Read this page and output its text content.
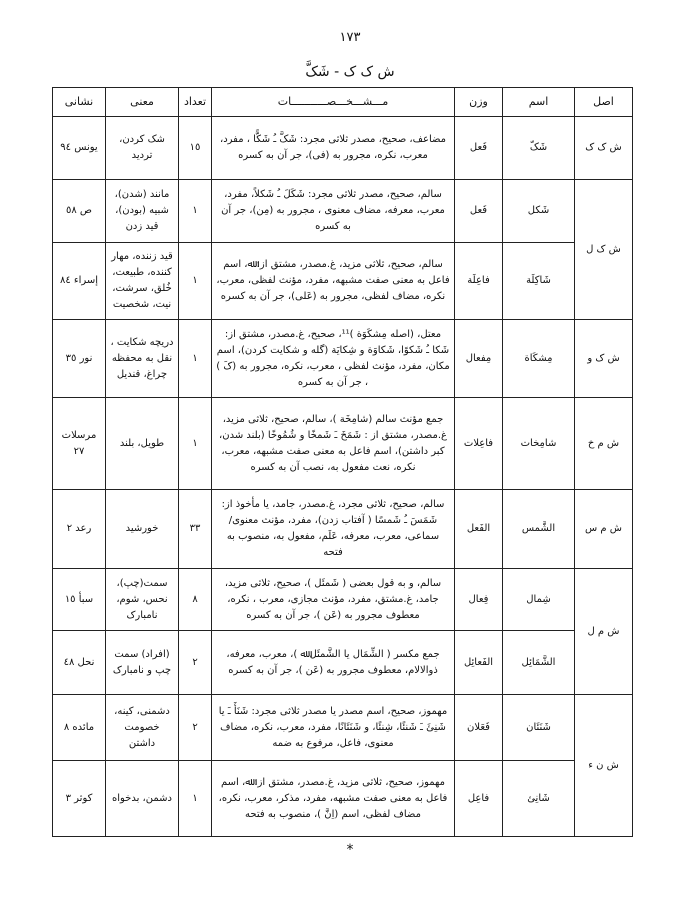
١٧٣
ش ک ک - شَکَّ
اصل	اسم	وزن	مـــشـــخـــصـــــــــــات	تعداد	معنی	نشانی
ش ک ک	شَکّ	فَعل	مضاعف، صحیح، مصدر ثلاثی مجرد: شَکَّ ـُ شَکًّا ، مفرد، معرب، نکره، مجرور به (فی)، جر آن به کسره	١٥	شک کردن، تردید	یونس ٩٤
ش ک ل	شَکل	فَعل	سالم، صحیح، مصدر ثلاثی مجرد: شَکَلَ ـُ شَکلاً، مفرد، معرب، معرفه، مضاف معنوی ، مجرور به (مِن)، جر آن به کسره	١	مانند (شدن)، شبیه (بودن)، قید زدن	ص ٥٨
	شَاکِلَة	فاعِلَة	سالم، صحیح، ثلاثی مزید، غ.مصدر، مشتق از: ﷲ، اسم فاعل به معنی صفت مشبهه، مفرد، مؤنث لفظی، معرب، نکره، مضاف لفظی، مجرور به (عَلی)، جر آن به کسره	١	قید زننده، مهار کننده، طبیعت، خُلق، سرشت، نیت، شخصیت	إسراء ٨٤
ش ک و	مِشکَاة	مِفعال	معتل، (اصله مِشکَوَة )¹¹، صحیح، غ.مصدر، مشتق از: شَکا ـُ شَکوًا، شَکاوَة و شِکایَة (گله و شکایت کردن)، اسم مکان، مفرد، مؤنث لفظی ، معرب، نکره، مجرور به (کَ ) ، جر آن به کسره	١	دریچه شکایت ، نقل به محفظه چراغ، قندیل	نور ٣٥
ش م خ	شامِخات	فاعِلات	جمع مؤنث سالم (شامِخَة )، سالم، صحیح، ثلاثی مزید، غ.مصدر، مشتق از : شَمَخَ ـَ شَمخًا و شُمُوخًا (بلند شدن، کبر داشتن)، اسم فاعل به معنی صفت مشبهه، معرب، نکره، نعت مفعول به، نصب آن به کسره	١	طویل، بلند	مرسلات ٢٧
ش م س	الشَّمس	الفَعل	سالم، صحیح، ثلاثی مجرد، غ.مصدر، جامد، یا مأخوذ از: شَمَسَ ـُ شَمسًا ( آفتاب زدن)، مفرد، مؤنث معنوی/سماعی، معرب، معرفه، عَلَم، مفعول به، منصوب به فتحه	٣٣	خورشید	رعد ٢
ش م ل	شِمال	فِعال	سالم، و به قول بعضی ( شَمئَل )، صحیح، ثلاثی مزید، جامد، غ.مشتق، مفرد، مؤنث مجازی، معرب ، نکره، معطوف مجرور به (عَن )، جر آن به کسره	٨	سمت(چپ)، نحس، شوم، نامبارک	سبأ ١٥
	الشَّمَائِل	الفَعائِل	جمع مکسر ( الشِّمَال یا الشَّمئَل ﷲ )، معرب، معرفه، ذوالالام، معطوف مجرور به (عَن )، جر آن به کسره	٢	(افراد) سمت چپ و نامبارک	نحل ٤٨
ش ن ء	شَنَئَان	فَعَلان	مهموز، صحیح، اسم مصدر یا مصدر ثلاثی مجرد: شَنَأَ ـَ یا شَنِئَ ـَ شَنئًا، شِنئًا، و شَنَئَانًا، مفرد، معرب، نکره، مضاف معنوی، فاعل، مرفوع به ضمه	٢	دشمنی، کینه، خصومت داشتن	مائده ٨
	شَانِئ	فاعِل	مهموز، صحیح، ثلاثی مزید، غ.مصدر، مشتق از: ﷲ، اسم فاعل به معنی صفت مشبهه، مفرد، مذکر، معرب، نکره، مضاف لفظی، اسم (اِنَّ )، منصوب به فتحه	١	دشمن، بدخواه	کوثر ٣
*
